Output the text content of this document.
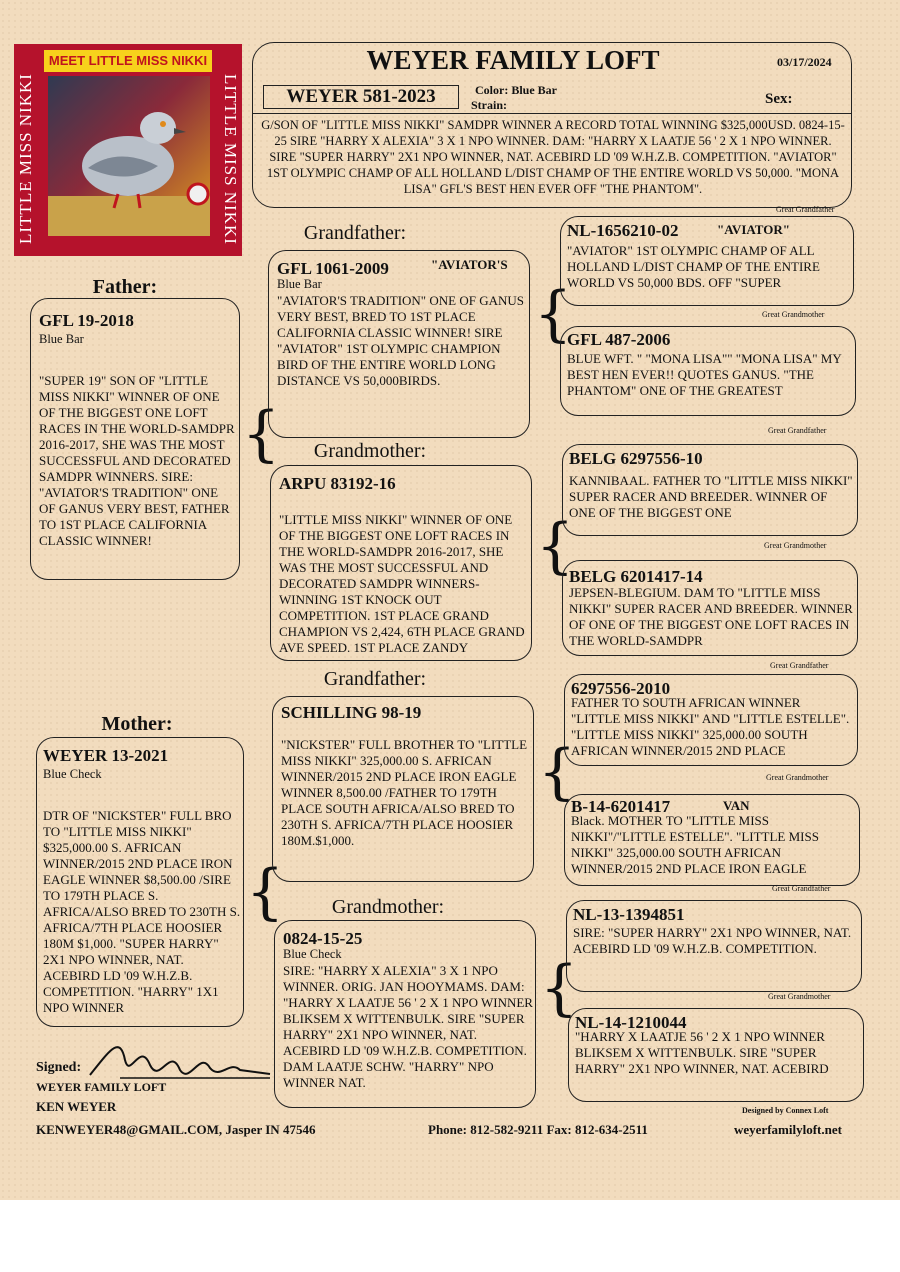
MEET LITTLE MISS NIKKI
LITTLE MISS NIKKI	LITTLE MISS NIKKI
WEYER FAMILY LOFT	03/17/2024
WEYER 581-2023	Color: Blue Bar
Strain:	Sex:
G/SON OF "LITTLE MISS NIKKI" SAMDPR WINNER A RECORD TOTAL WINNING $325,000USD. 0824-15-25 SIRE "HARRY X ALEXIA" 3 X 1 NPO WINNER. DAM: "HARRY X LAATJE 56 ' 2 X 1 NPO WINNER. SIRE "SUPER HARRY" 2X1 NPO WINNER, NAT. ACEBIRD LD '09 W.H.Z.B. COMPETITION. "AVIATOR" 1ST OLYMPIC CHAMP OF ALL HOLLAND L/DIST CHAMP OF THE ENTIRE WORLD VS 50,000. "MONA LISA" GFL'S BEST HEN EVER OFF "THE PHANTOM".
Father:
GFL 19-2018
Blue Bar
"SUPER 19" SON OF "LITTLE MISS NIKKI" WINNER OF ONE OF THE BIGGEST ONE LOFT RACES IN THE WORLD-SAMDPR 2016-2017, SHE WAS THE MOST SUCCESSFUL AND DECORATED SAMDPR WINNERS. SIRE: "AVIATOR'S TRADITION" ONE OF GANUS VERY BEST, FATHER TO 1ST PLACE CALIFORNIA CLASSIC WINNER!
Mother:
WEYER 13-2021
Blue Check
DTR OF "NICKSTER" FULL BRO TO "LITTLE MISS NIKKI" $325,000.00 S. AFRICAN WINNER/2015 2ND PLACE IRON EAGLE WINNER $8,500.00 /SIRE TO 179TH PLACE S. AFRICA/ALSO BRED TO 230TH S. AFRICA/7TH PLACE HOOSIER 180M $1,000. "SUPER HARRY" 2X1 NPO WINNER, NAT. ACEBIRD LD '09 W.H.Z.B. COMPETITION. "HARRY" 1X1 NPO WINNER
{
{
Grandfather:
GFL 1061-2009	"AVIATOR'S
Blue Bar
"AVIATOR'S TRADITION" ONE OF GANUS VERY BEST, BRED TO 1ST PLACE CALIFORNIA CLASSIC WINNER! SIRE "AVIATOR" 1ST OLYMPIC CHAMPION BIRD OF THE ENTIRE WORLD LONG DISTANCE VS 50,000BIRDS.
Grandmother:
ARPU 83192-16
"LITTLE MISS NIKKI" WINNER OF ONE OF THE BIGGEST ONE LOFT RACES IN THE WORLD-SAMDPR 2016-2017, SHE WAS THE MOST SUCCESSFUL AND DECORATED SAMDPR WINNERS-WINNING 1ST KNOCK OUT COMPETITION. 1ST PLACE GRAND CHAMPION VS 2,424, 6TH PLACE GRAND AVE SPEED. 1ST PLACE ZANDY
Grandfather:
SCHILLING 98-19
"NICKSTER" FULL BROTHER TO "LITTLE MISS NIKKI" 325,000.00 S. AFRICAN WINNER/2015 2ND PLACE IRON EAGLE WINNER 8,500.00 /FATHER TO 179TH PLACE SOUTH AFRICA/ALSO BRED TO 230TH S. AFRICA/7TH PLACE HOOSIER 180M.$1,000.
Grandmother:
0824-15-25
Blue Check
SIRE: "HARRY X ALEXIA" 3 X 1 NPO WINNER. ORIG. JAN HOOYMAMS. DAM: "HARRY X LAATJE 56 ' 2 X 1 NPO WINNER BLIKSEM X WITTENBULK. SIRE "SUPER HARRY" 2X1 NPO WINNER, NAT. ACEBIRD LD '09 W.H.Z.B. COMPETITION. DAM LAATJE SCHW. "HARRY" NPO WINNER NAT.
{
{
{
{
Great Grandfather
NL-1656210-02	"AVIATOR"
"AVIATOR" 1ST OLYMPIC CHAMP OF ALL HOLLAND L/DIST CHAMP OF THE ENTIRE WORLD VS 50,000 BDS. OFF "SUPER
Great Grandmother
GFL 487-2006
BLUE WFT. " "MONA LISA"" "MONA LISA" MY BEST HEN EVER!! QUOTES GANUS. "THE PHANTOM" ONE OF THE GREATEST
Great Grandfather
BELG 6297556-10
KANNIBAAL. FATHER TO "LITTLE MISS NIKKI" SUPER RACER AND BREEDER. WINNER OF ONE OF THE BIGGEST ONE
Great Grandmother
BELG 6201417-14
JEPSEN-BLEGIUM. DAM TO "LITTLE MISS NIKKI" SUPER RACER AND BREEDER. WINNER OF ONE OF THE BIGGEST ONE LOFT RACES IN THE WORLD-SAMDPR
Great Grandfather
6297556-2010
FATHER TO SOUTH AFRICAN WINNER "LITTLE MISS NIKKI" AND "LITTLE ESTELLE". "LITTLE MISS NIKKI" 325,000.00 SOUTH AFRICAN WINNER/2015 2ND PLACE
Great Grandmother
B-14-6201417	VAN
Black. MOTHER TO "LITTLE MISS NIKKI"/"LITTLE ESTELLE". "LITTLE MISS NIKKI" 325,000.00 SOUTH AFRICAN WINNER/2015 2ND PLACE IRON EAGLE
Great Grandfather
NL-13-1394851
SIRE: "SUPER HARRY" 2X1 NPO WINNER, NAT. ACEBIRD LD '09 W.H.Z.B. COMPETITION.
Great Grandmother
NL-14-1210044
"HARRY X LAATJE 56 ' 2 X 1 NPO WINNER BLIKSEM X WITTENBULK. SIRE "SUPER HARRY" 2X1 NPO WINNER, NAT. ACEBIRD
Signed:
WEYER FAMILY LOFT
KEN WEYER
KENWEYER48@GMAIL.COM, Jasper IN 47546	Phone: 812-582-9211 Fax: 812-634-2511	weyerfamilyloft.net
Designed by Connex Loft
